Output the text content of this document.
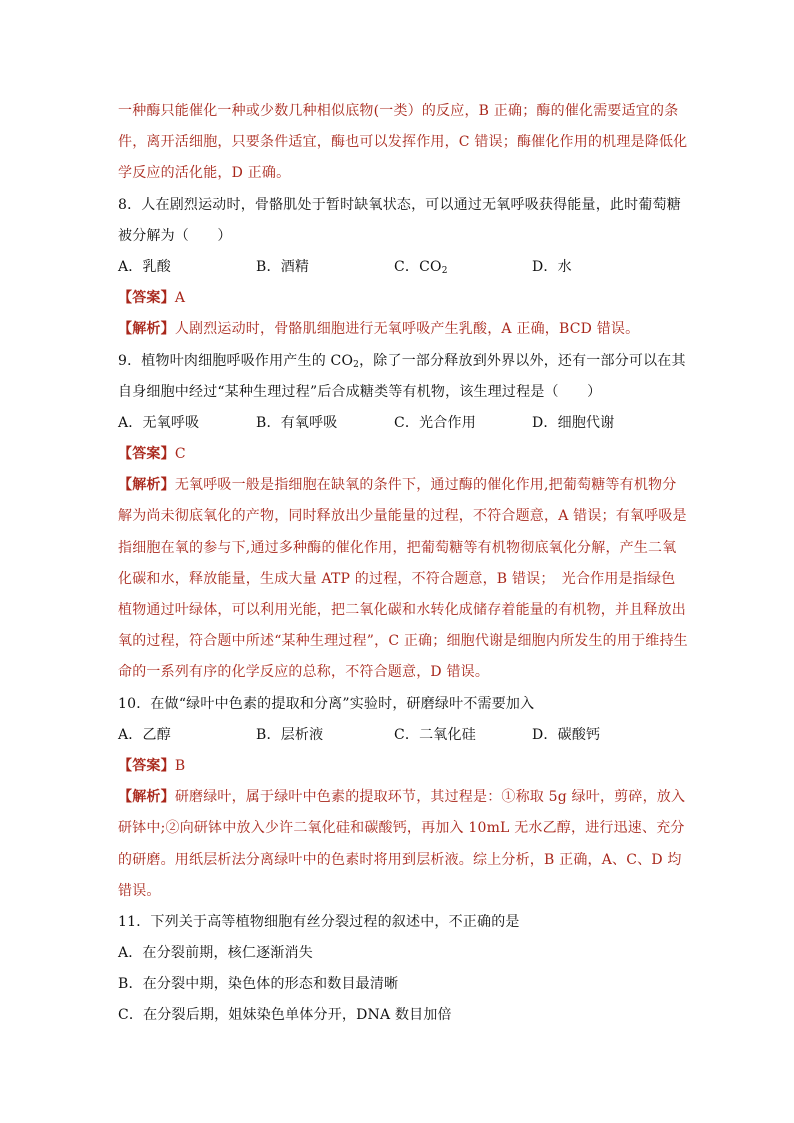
一种酶只能催化一种或少数几种相似底物(一类）的反应，B 正确；酶的催化需要适宜的条
件，离开活细胞，只要条件适宜，酶也可以发挥作用，C 错误；酶催化作用的机理是降低化
学反应的活化能，D 正确。
8．人在剧烈运动时，骨骼肌处于暂时缺氧状态，可以通过无氧呼吸获得能量，此时葡萄糖
被分解为（　　）
A．乳酸	B．酒精	C．$CO_2$	D．水
【答案】A
【解析】人剧烈运动时，骨骼肌细胞进行无氧呼吸产生乳酸，A 正确，BCD 错误。
9．植物叶肉细胞呼吸作用产生的 $CO_2$，除了一部分释放到外界以外，还有一部分可以在其
自身细胞中经过“某种生理过程”后合成糖类等有机物，该生理过程是（　　）
A．无氧呼吸	B．有氧呼吸	C．光合作用	D．细胞代谢
【答案】C
【解析】无氧呼吸一般是指细胞在缺氧的条件下，通过酶的催化作用,把葡萄糖等有机物分
解为尚未彻底氧化的产物，同时释放出少量能量的过程，不符合题意，A 错误；有氧呼吸是
指细胞在氧的参与下,通过多种酶的催化作用，把葡萄糖等有机物彻底氧化分解，产生二氧
化碳和水，释放能量，生成大量 ATP 的过程，不符合题意，B 错误；　光合作用是指绿色
植物通过叶绿体，可以利用光能，把二氧化碳和水转化成储存着能量的有机物，并且释放出
氧的过程，符合题中所述“某种生理过程”，C 正确；细胞代谢是细胞内所发生的用于维持生
命的一系列有序的化学反应的总称，不符合题意，D 错误。
10．在做“绿叶中色素的提取和分离”实验时，研磨绿叶不需要加入
A．乙醇	B．层析液	C．二氧化硅	D．碳酸钙
【答案】B
【解析】研磨绿叶，属于绿叶中色素的提取环节，其过程是：①称取 5g 绿叶，剪碎，放入
研钵中;②向研钵中放入少许二氧化硅和碳酸钙，再加入 10mL 无水乙醇，进行迅速、充分
的研磨。用纸层析法分离绿叶中的色素时将用到层析液。综上分析，B 正确，A、C、D 均
错误。
11．下列关于高等植物细胞有丝分裂过程的叙述中，不正确的是
A．在分裂前期，核仁逐渐消失
B．在分裂中期，染色体的形态和数目最清晰
C．在分裂后期，姐妹染色单体分开，DNA 数目加倍
